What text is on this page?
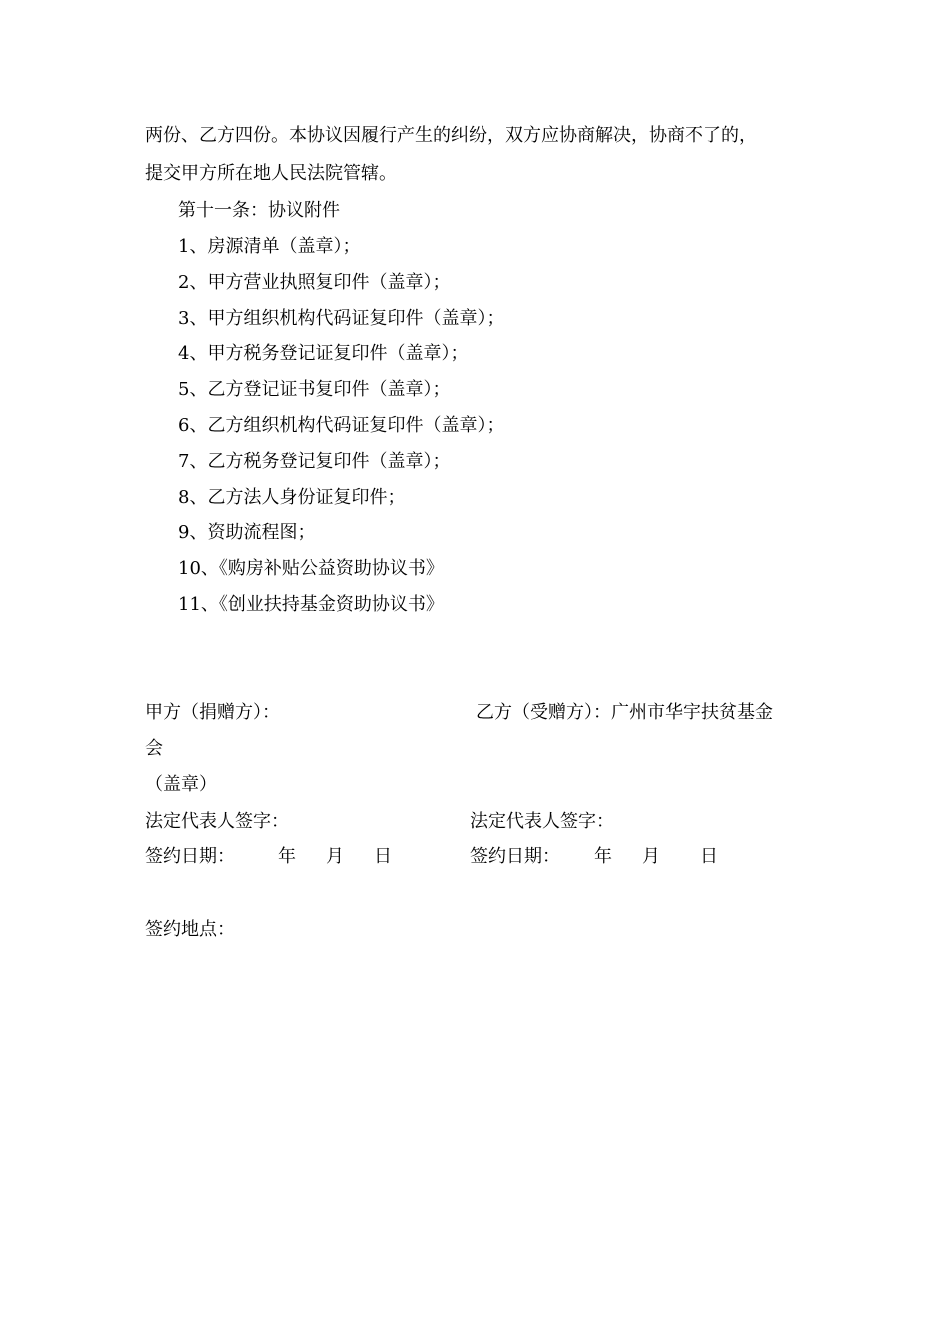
两份、乙方四份。本协议因履行产生的纠纷，双方应协商解决，协商不了的，
提交甲方所在地人民法院管辖。
第十一条：协议附件
1、房源清单（盖章）；
2、甲方营业执照复印件（盖章）；
3、甲方组织机构代码证复印件（盖章）；
4、甲方税务登记证复印件（盖章）；
5、乙方登记证书复印件（盖章）；
6、乙方组织机构代码证复印件（盖章）；
7、乙方税务登记复印件（盖章）；
8、乙方法人身份证复印件；
9、资助流程图；
10、《购房补贴公益资助协议书》
11、《创业扶持基金资助协议书》
甲方（捐赠方）：	乙方（受赠方）：广州市华宇扶贫基金
会
（盖章）
法定代表人签字：	法定代表人签字：
签约日期： 年 月 日	签约日期： 年 月 日
签约地点：
